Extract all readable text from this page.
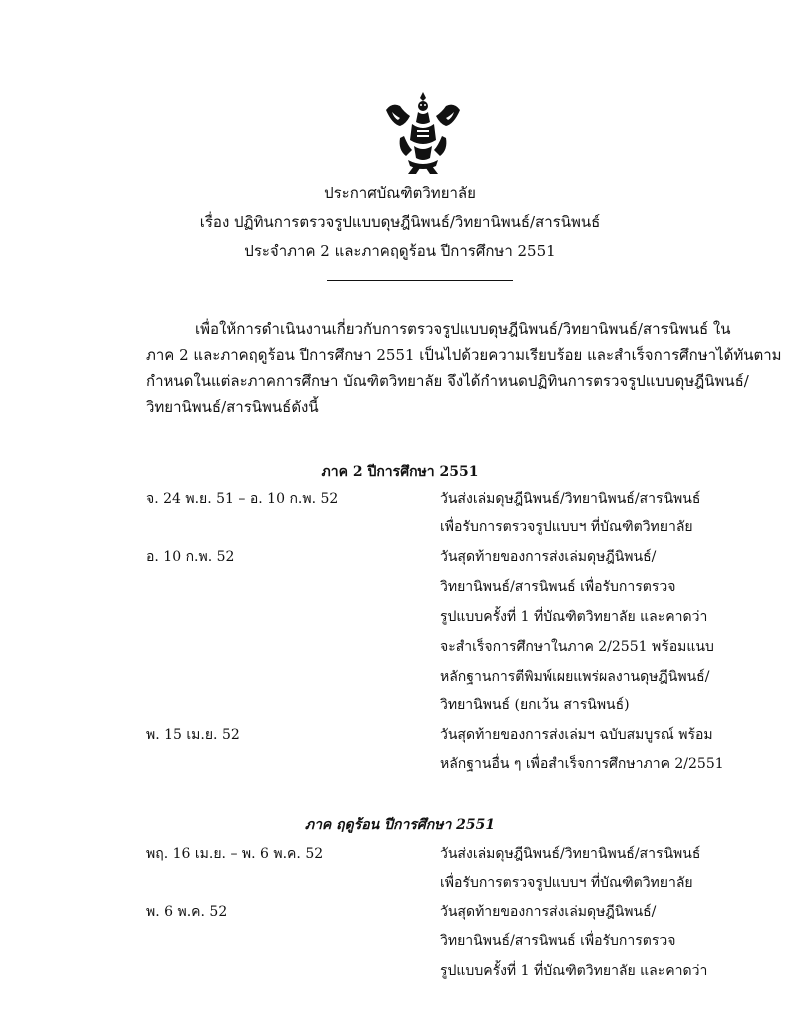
ประกาศบัณฑิตวิทยาลัย
เรื่อง ปฏิทินการตรวจรูปแบบดุษฎีนิพนธ์/วิทยานิพนธ์/สารนิพนธ์
ประจำภาค 2 และภาคฤดูร้อน ปีการศึกษา 2551
เพื่อให้การดำเนินงานเกี่ยวกับการตรวจรูปแบบดุษฎีนิพนธ์/วิทยานิพนธ์/สารนิพนธ์ ใน
ภาค 2 และภาคฤดูร้อน ปีการศึกษา 2551 เป็นไปด้วยความเรียบร้อย และสำเร็จการศึกษาได้ทันตาม
กำหนดในแต่ละภาคการศึกษา บัณฑิตวิทยาลัย จึงได้กำหนดปฏิทินการตรวจรูปแบบดุษฎีนิพนธ์/
วิทยานิพนธ์/สารนิพนธ์ดังนี้
ภาค 2 ปีการศึกษา 2551
จ. 24 พ.ย. 51 – อ. 10 ก.พ. 52	วันส่งเล่มดุษฎีนิพนธ์/วิทยานิพนธ์/สารนิพนธ์
เพื่อรับการตรวจรูปแบบฯ ที่บัณฑิตวิทยาลัย
อ. 10 ก.พ. 52	วันสุดท้ายของการส่งเล่มดุษฎีนิพนธ์/
วิทยานิพนธ์/สารนิพนธ์ เพื่อรับการตรวจ
รูปแบบครั้งที่ 1 ที่บัณฑิตวิทยาลัย และคาดว่า
จะสำเร็จการศึกษาในภาค 2/2551 พร้อมแนบ
หลักฐานการตีพิมพ์เผยแพร่ผลงานดุษฎีนิพนธ์/
วิทยานิพนธ์ (ยกเว้น สารนิพนธ์)
พ. 15 เม.ย. 52	วันสุดท้ายของการส่งเล่มฯ ฉบับสมบูรณ์ พร้อม
หลักฐานอื่น ๆ เพื่อสำเร็จการศึกษาภาค 2/2551
ภาค ฤดูร้อน ปีการศึกษา 2551
พฤ. 16 เม.ย. – พ. 6 พ.ค. 52	วันส่งเล่มดุษฎีนิพนธ์/วิทยานิพนธ์/สารนิพนธ์
เพื่อรับการตรวจรูปแบบฯ ที่บัณฑิตวิทยาลัย
พ. 6 พ.ค. 52	วันสุดท้ายของการส่งเล่มดุษฎีนิพนธ์/
วิทยานิพนธ์/สารนิพนธ์ เพื่อรับการตรวจ
รูปแบบครั้งที่ 1 ที่บัณฑิตวิทยาลัย และคาดว่า
